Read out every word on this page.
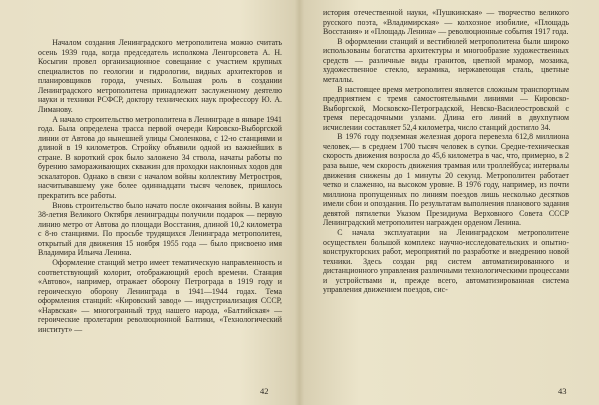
Началом создания Ленинградского метрополитена можно считать осень 1939 года, когда председатель исполкома Ленгорсовета А. Н. Косыгин провел организационное совещание с участием крупных специалистов по геологии и гидрологии, видных архитекторов и планировщиков города, ученых. Большая роль в создании Ленинградского метрополитена принадлежит заслуженному деятелю науки и техники РСФСР, доктору технических наук профессору Ю. А. Лиманову.

А начало строительство метрополитена в Ленинграде в январе 1941 года. Была определена трасса первой очереди Кировско-Выборгской линии от Автова до нынешней улицы Смоленкова, с 12-ю станциями и длиной в 19 километров. Стройку объявили одной из важнейших в стране. В короткий срок было заложено 34 ствола, начаты работы по бурению замораживающих скважин для проходки наклонных ходов для эскалаторов. Однако в связи с началом войны коллективу Метростроя, насчитывавшему уже более одиннадцати тысяч человек, пришлось прекратить все работы.

Вновь строительство было начато после окончания войны. В канун 38-летия Великого Октября ленинградцы получили подарок — первую линию метро от Автова до площади Восстания, длиной 10,2 километра с 8-ю станциями. По просьбе трудящихся Ленинграда метрополитен, открытый для движения 15 ноября 1955 года — было присвоено имя Владимира Ильича Ленина.

Оформление станций метро имеет тематическую направленность и соответствующий колорит, отображающий epoch времени. Станция «Автово», например, отражает оборону Петрограда в 1919 году и героическую оборону Ленинграда в 1941—1944 годах. Тема оформления станций: «Кировский завод» — индустриализация СССР, «Нарвская» — многогранный труд нашего народа, «Балтийская» — героические пролетарии революционной Балтики, «Технологический институт» —

42

история отечественной науки, «Пушкинская» — творчество великого русского поэта, «Владимирская» — колхозное изобилие, «Площадь Восстания» и «Площадь Ленина» — революционные события 1917 года.

В оформлении станций и вестибюлей метрополитена были широко использованы богатства архитектуры и многообразие художественных средств — различные виды гранитов, цветной мрамор, мозаика, художественное стекло, керамика, нержавеющая сталь, цветные металлы.

В настоящее время метрополитен является сложным транспортным предприятием с тремя самостоятельными линиями — Кировско-Выборгской, Московско-Петроградской, Невско-Василеостровской с тремя пересадочными узлами. Длина его линий в двухпутном исчислении составляет 52,4 километра, число станций достигло 34.

В 1976 году подземная железная дорога перевезла 612,8 миллиона человек,— в среднем 1700 тысяч человек в сутки. Средне-техническая скорость движения возросла до 45,6 километра в час, что, примерно, в 2 раза выше, чем скорость движения трамвая или троллейбуса; интервалы движения снижены до 1 минуты 20 секунд. Метрополитен работает четко и слаженно, на высоком уровне. В 1976 году, например, из почти миллиона пропущенных по линиям поездов лишь несколько десятков имели сбои и опоздания. По результатам выполнения планового задания девятой пятилетки Указом Президиума Верховного Совета СССР Ленинградский метрополитен награжден орденом Ленина.

С начала эксплуатации на Ленинградском метрополитене осуществлен большой комплекс научно-исследовательских и опытно-конструкторских работ, мероприятий по разработке и внедрению новой техники. Здесь создан ряд систем автоматизированного и дистанционного управления различными технологическими процессами и устройствами и, прежде всего, автоматизированная система управления движением поездов, сис-

43
